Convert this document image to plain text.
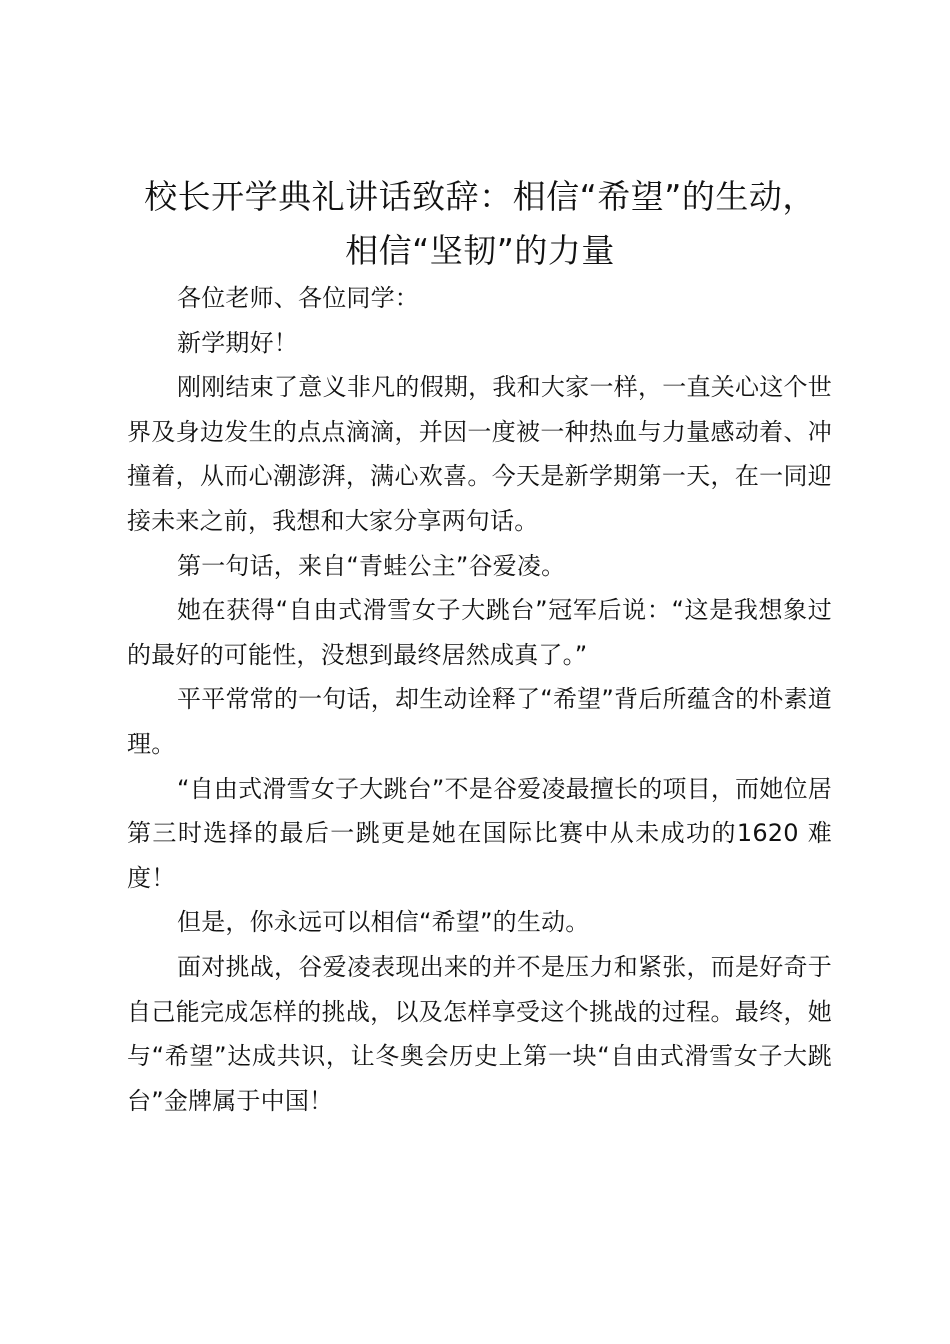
校长开学典礼讲话致辞：相信“希望”的生动，
相信“坚韧”的力量

各位老师、各位同学：

新学期好！

刚刚结束了意义非凡的假期，我和大家一样，一直关心这个世界及身边发生的点点滴滴，并因一度被一种热血与力量感动着、冲撞着，从而心潮澎湃，满心欢喜。今天是新学期第一天，在一同迎接未来之前，我想和大家分享两句话。

第一句话，来自“青蛙公主”谷爱凌。

她在获得“自由式滑雪女子大跳台”冠军后说：“这是我想象过的最好的可能性，没想到最终居然成真了。”

平平常常的一句话，却生动诠释了“希望”背后所蕴含的朴素道理。

“自由式滑雪女子大跳台”不是谷爱凌最擅长的项目，而她位居第三时选择的最后一跳更是她在国际比赛中从未成功的1620 难度！

但是，你永远可以相信“希望”的生动。

面对挑战，谷爱凌表现出来的并不是压力和紧张，而是好奇于自己能完成怎样的挑战，以及怎样享受这个挑战的过程。最终，她与“希望”达成共识，让冬奥会历史上第一块“自由式滑雪女子大跳台”金牌属于中国！
